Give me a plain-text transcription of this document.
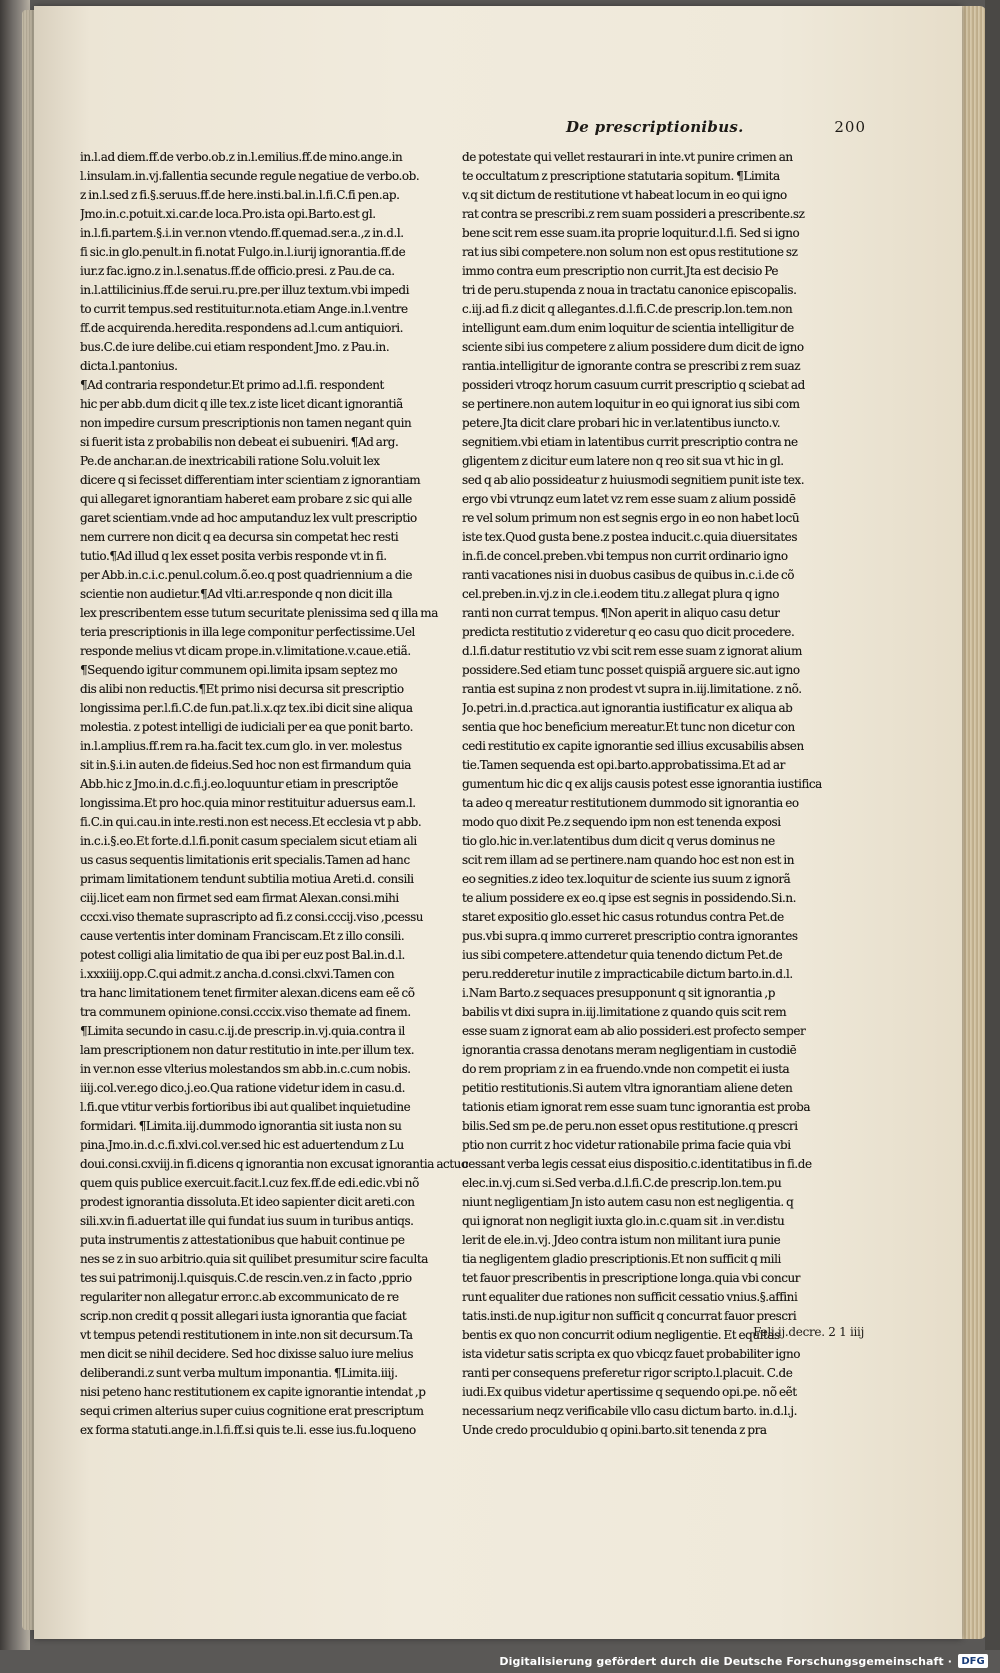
De prescriptionibus.	200
in.l.ad diem.ff.de verbo.ob.z in.l.emilius.ff.de mino.ange.in
l.insulam.in.vj.fallentia secunde regule negatiue de verbo.ob.
z in.l.sed z fi.§.seruus.ff.de here.insti.bal.in.l.fi.C.fi pen.ap.
Jmo.in.c.potuit.xi.car.de loca.Pro.ista opi.Barto.est gl.
in.l.fi.partem.§.i.in ver.non vtendo.ff.quemad.ser.a.,z in.d.l.
fi sic.in glo.penult.in fi.notat Fulgo.in.l.iurij ignorantia.ff.de
iur.z fac.igno.z in.l.senatus.ff.de officio.presi. z Pau.de ca.
in.l.attilicinius.ff.de serui.ru.pre.per illuz textum.vbi impedi
to currit tempus.sed restituitur.nota.etiam Ange.in.l.ventre
ff.de acquirenda.heredita.respondens ad.l.cum antiquiori.
bus.C.de iure delibe.cui etiam respondent Jmo. z Pau.in.
dicta.l.pantonius.
¶Ad contraria respondetur.Et primo ad.l.fi. respondent
hic per abb.dum dicit q ille tex.z iste licet dicant ignorantiã
non impedire cursum prescriptionis non tamen negant quin
si fuerit ista z probabilis non debeat ei subueniri. ¶Ad arg.
Pe.de anchar.an.de inextricabili ratione Solu.voluit lex
dicere q si fecisset differentiam inter scientiam z ignorantiam
qui allegaret ignorantiam haberet eam probare z sic qui alle
garet scientiam.vnde ad hoc amputanduz lex vult prescriptio
nem currere non dicit q ea decursa sin competat hec resti
tutio.¶Ad illud q lex esset posita verbis responde vt in fi.
per Abb.in.c.i.c.penul.colum.õ.eo.q post quadriennium a die
scientie non audietur.¶Ad vlti.ar.responde q non dicit illa
lex prescribentem esse tutum securitate plenissima sed q illa ma
teria prescriptionis in illa lege componitur perfectissime.Uel
responde melius vt dicam prope.in.v.limitatione.v.caue.etiã.
¶Sequendo igitur communem opi.limita ipsam septez mo
dis alibi non reductis.¶Et primo nisi decursa sit prescriptio
longissima per.l.fi.C.de fun.pat.li.x.qz tex.ibi dicit sine aliqua
molestia. z potest intelligi de iudiciali per ea que ponit barto.
in.l.amplius.ff.rem ra.ha.facit tex.cum glo. in ver. molestus
sit in.§.i.in auten.de fideius.Sed hoc non est firmandum quia
Abb.hic z Jmo.in.d.c.fi.j.eo.loquuntur etiam in prescriptõe
longissima.Et pro hoc.quia minor restituitur aduersus eam.l.
fi.C.in qui.cau.in inte.resti.non est necess.Et ecclesia vt p abb.
in.c.i.§.eo.Et forte.d.l.fi.ponit casum specialem sicut etiam ali
us casus sequentis limitationis erit specialis.Tamen ad hanc
primam limitationem tendunt subtilia motiua Areti.d. consili
ciij.licet eam non firmet sed eam firmat Alexan.consi.mihi
cccxi.viso themate suprascripto ad fi.z consi.cccij.viso ,pcessu
cause vertentis inter dominam Franciscam.Et z illo consili.
potest colligi alia limitatio de qua ibi per euz post Bal.in.d.l.
i.xxxiiij.opp.C.qui admit.z ancha.d.consi.clxvi.Tamen con
tra hanc limitationem tenet firmiter alexan.dicens eam eẽ cõ
tra communem opinione.consi.cccix.viso themate ad finem.
¶Limita secundo in casu.c.ij.de prescrip.in.vj.quia.contra il
lam prescriptionem non datur restitutio in inte.per illum tex.
in ver.non esse vlterius molestandos sm abb.in.c.cum nobis.
iiij.col.ver.ego dico.j.eo.Qua ratione videtur idem in casu.d.
l.fi.que vtitur verbis fortioribus ibi aut qualibet inquietudine
formidari. ¶Limita.iij.dummodo ignorantia sit iusta non su
pina.Jmo.in.d.c.fi.xlvi.col.ver.sed hic est aduertendum z Lu
doui.consi.cxviij.in fi.dicens q ignorantia non excusat ignorantia actuo
quem quis publice exercuit.facit.l.cuz fex.ff.de edi.edic.vbi nõ
prodest ignorantia dissoluta.Et ideo sapienter dicit areti.con
sili.xv.in fi.aduertat ille qui fundat ius suum in turibus antiqs.
puta instrumentis z attestationibus que habuit continue pe
nes se z in suo arbitrio.quia sit quilibet presumitur scire faculta
tes sui patrimonij.l.quisquis.C.de rescin.ven.z in facto ,pprio
regulariter non allegatur error.c.ab excommunicato de re
scrip.non credit q possit allegari iusta ignorantia que faciat
vt tempus petendi restitutionem in inte.non sit decursum.Ta
men dicit se nihil decidere. Sed hoc dixisse saluo iure melius
deliberandi.z sunt verba multum imponantia. ¶Limita.iiij.
nisi peteno hanc restitutionem ex capite ignorantie intendat ,p
sequi crimen alterius super cuius cognitione erat prescriptum
ex forma statuti.ange.in.l.fi.ff.si quis te.li. esse ius.fu.loqueno
de potestate qui vellet restaurari in inte.vt punire crimen an
te occultatum z prescriptione statutaria sopitum. ¶Limita
v.q sit dictum de restitutione vt habeat locum in eo qui igno
rat contra se prescribi.z rem suam possideri a prescribente.sz
bene scit rem esse suam.ita proprie loquitur.d.l.fi. Sed si igno
rat ius sibi competere.non solum non est opus restitutione sz
immo contra eum prescriptio non currit.Jta est decisio Pe
tri de peru.stupenda z noua in tractatu canonice episcopalis.
c.iij.ad fi.z dicit q allegantes.d.l.fi.C.de prescrip.lon.tem.non
intelligunt eam.dum enim loquitur de scientia intelligitur de
sciente sibi ius competere z alium possidere dum dicit de igno
rantia.intelligitur de ignorante contra se prescribi z rem suaz
possideri vtroqz horum casuum currit prescriptio q sciebat ad
se pertinere.non autem loquitur in eo qui ignorat ius sibi com
petere.Jta dicit clare probari hic in ver.latentibus iuncto.v.
segnitiem.vbi etiam in latentibus currit prescriptio contra ne
gligentem z dicitur eum latere non q reo sit sua vt hic in gl.
sed q ab alio possideatur z huiusmodi segnitiem punit iste tex.
ergo vbi vtrunqz eum latet vz rem esse suam z alium possidē
re vel solum primum non est segnis ergo in eo non habet locū
iste tex.Quod gusta bene.z postea inducit.c.quia diuersitates
in.fi.de concel.preben.vbi tempus non currit ordinario igno
ranti vacationes nisi in duobus casibus de quibus in.c.i.de cõ
cel.preben.in.vj.z in cle.i.eodem titu.z allegat plura q igno
ranti non currat tempus. ¶Non aperit in aliquo casu detur
predicta restitutio z videretur q eo casu quo dicit procedere.
d.l.fi.datur restitutio vz vbi scit rem esse suam z ignorat alium
possidere.Sed etiam tunc posset quispiã arguere sic.aut igno
rantia est supina z non prodest vt supra in.iij.limitatione. z nõ.
Jo.petri.in.d.practica.aut ignorantia iustificatur ex aliqua ab
sentia que hoc beneficium mereatur.Et tunc non dicetur con
cedi restitutio ex capite ignorantie sed illius excusabilis absen
tie.Tamen sequenda est opi.barto.approbatissima.Et ad ar
gumentum hic dic q ex alijs causis potest esse ignorantia iustifica
ta adeo q mereatur restitutionem dummodo sit ignorantia eo
modo quo dixit Pe.z sequendo ipm non est tenenda exposi
tio glo.hic in.ver.latentibus dum dicit q verus dominus ne
scit rem illam ad se pertinere.nam quando hoc est non est in
eo segnities.z ideo tex.loquitur de sciente ius suum z ignorã
te alium possidere ex eo.q ipse est segnis in possidendo.Si.n.
staret expositio glo.esset hic casus rotundus contra Pet.de
pus.vbi supra.q immo curreret prescriptio contra ignorantes
ius sibi competere.attendetur quia tenendo dictum Pet.de
peru.redderetur inutile z impracticabile dictum barto.in.d.l.
i.Nam Barto.z sequaces presupponunt q sit ignorantia ,p
babilis vt dixi supra in.iij.limitatione z quando quis scit rem
esse suam z ignorat eam ab alio possideri.est profecto semper
ignorantia crassa denotans meram negligentiam in custodiē
do rem propriam z in ea fruendo.vnde non competit ei iusta
petitio restitutionis.Si autem vltra ignorantiam aliene deten
tationis etiam ignorat rem esse suam tunc ignorantia est proba
bilis.Sed sm pe.de peru.non esset opus restitutione.q prescri
ptio non currit z hoc videtur rationabile prima facie quia vbi
cessant verba legis cessat eius dispositio.c.identitatibus in fi.de
elec.in.vj.cum si.Sed verba.d.l.fi.C.de prescrip.lon.tem.pu
niunt negligentiam Jn isto autem casu non est negligentia. q
qui ignorat non negligit iuxta glo.in.c.quam sit .in ver.distu
lerit de ele.in.vj. Jdeo contra istum non militant iura punie
tia negligentem gladio prescriptionis.Et non sufficit q mili
tet fauor prescribentis in prescriptione longa.quia vbi concur
runt equaliter due rationes non sufficit cessatio vnius.§.affini
tatis.insti.de nup.igitur non sufficit q concurrat fauor prescri
bentis ex quo non concurrit odium negligentie. Et equitas
ista videtur satis scripta ex quo vbicqz fauet probabiliter igno
ranti per consequens preferetur rigor scripto.l.placuit. C.de
iudi.Ex quibus videtur apertissime q sequendo opi.pe. nõ eẽt
necessarium neqz verificabile vllo casu dictum barto. in.d.l.j.
Unde credo proculdubio q opini.barto.sit tenenda z pra
Feli.ij.decre. 2 1 iiij
Digitalisierung gefördert durch die Deutsche Forschungsgemeinschaft · DFG
